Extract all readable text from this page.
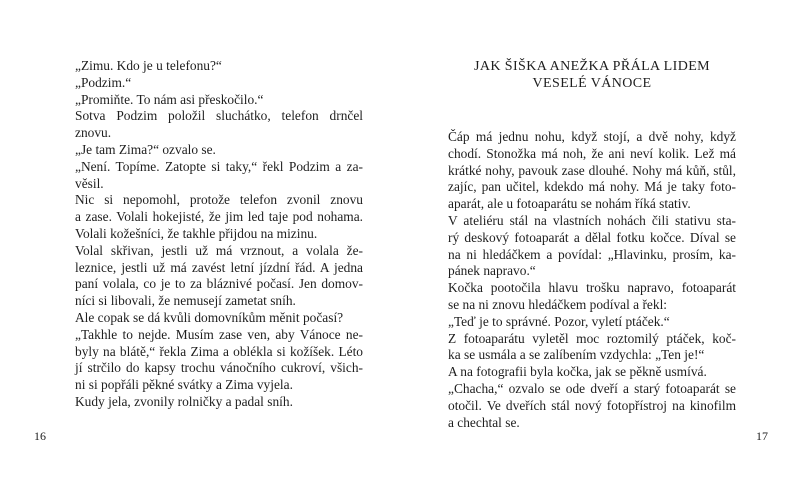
„Zimu. Kdo je u telefonu?“
„Podzim.“
„Promiňte. To nám asi přeskočilo.“
Sotva Podzim položil sluchátko, telefon drnčel
znovu.
„Je tam Zima?“ ozvalo se.
„Není. Topíme. Zatopte si taky,“ řekl Podzim a za-
věsil.
Nic si nepomohl, protože telefon zvonil znovu
a zase. Volali hokejisté, že jim led taje pod nohama.
Volali kožešníci, že takhle přijdou na mizinu.
Volal skřivan, jestli už má vrznout, a volala že-
leznice, jestli už má zavést letní jízdní řád. A jedna
paní volala, co je to za bláznivé počasí. Jen domov-
níci si libovali, že nemusejí zametat sníh.
Ale copak se dá kvůli domovníkům měnit počasí?
„Takhle to nejde. Musím zase ven, aby Vánoce ne-
byly na blátě,“ řekla Zima a oblékla si kožíšek. Léto
jí strčilo do kapsy trochu vánočního cukroví, všich-
ni si popřáli pěkné svátky a Zima vyjela.
Kudy jela, zvonily rolničky a padal sníh.
16
JAK ŠIŠKA ANEŽKA PŘÁLA LIDEM
VESELÉ VÁNOCE
Čáp má jednu nohu, když stojí, a dvě nohy, když
chodí. Stonožka má noh, že ani neví kolik. Lež má
krátké nohy, pavouk zase dlouhé. Nohy má kůň, stůl,
zajíc, pan učitel, kdekdo má nohy. Má je taky foto-
aparát, ale u fotoaparátu se nohám říká stativ.
V ateliéru stál na vlastních nohách čili stativu sta-
rý deskový fotoaparát a dělal fotku kočce. Díval se
na ni hledáčkem a povídal: „Hlavinku, prosím, ka-
pánek napravo.“
Kočka pootočila hlavu trošku napravo, fotoaparát
se na ni znovu hledáčkem podíval a řekl:
„Teď je to správné. Pozor, vyletí ptáček.“
Z fotoaparátu vyletěl moc roztomilý ptáček, koč-
ka se usmála a se zalíbením vzdychla: „Ten je!“
A na fotografii byla kočka, jak se pěkně usmívá.
„Chacha,“ ozvalo se ode dveří a starý fotoaparát se
otočil. Ve dveřích stál nový fotopřístroj na kinofilm
a chechtal se.
17
